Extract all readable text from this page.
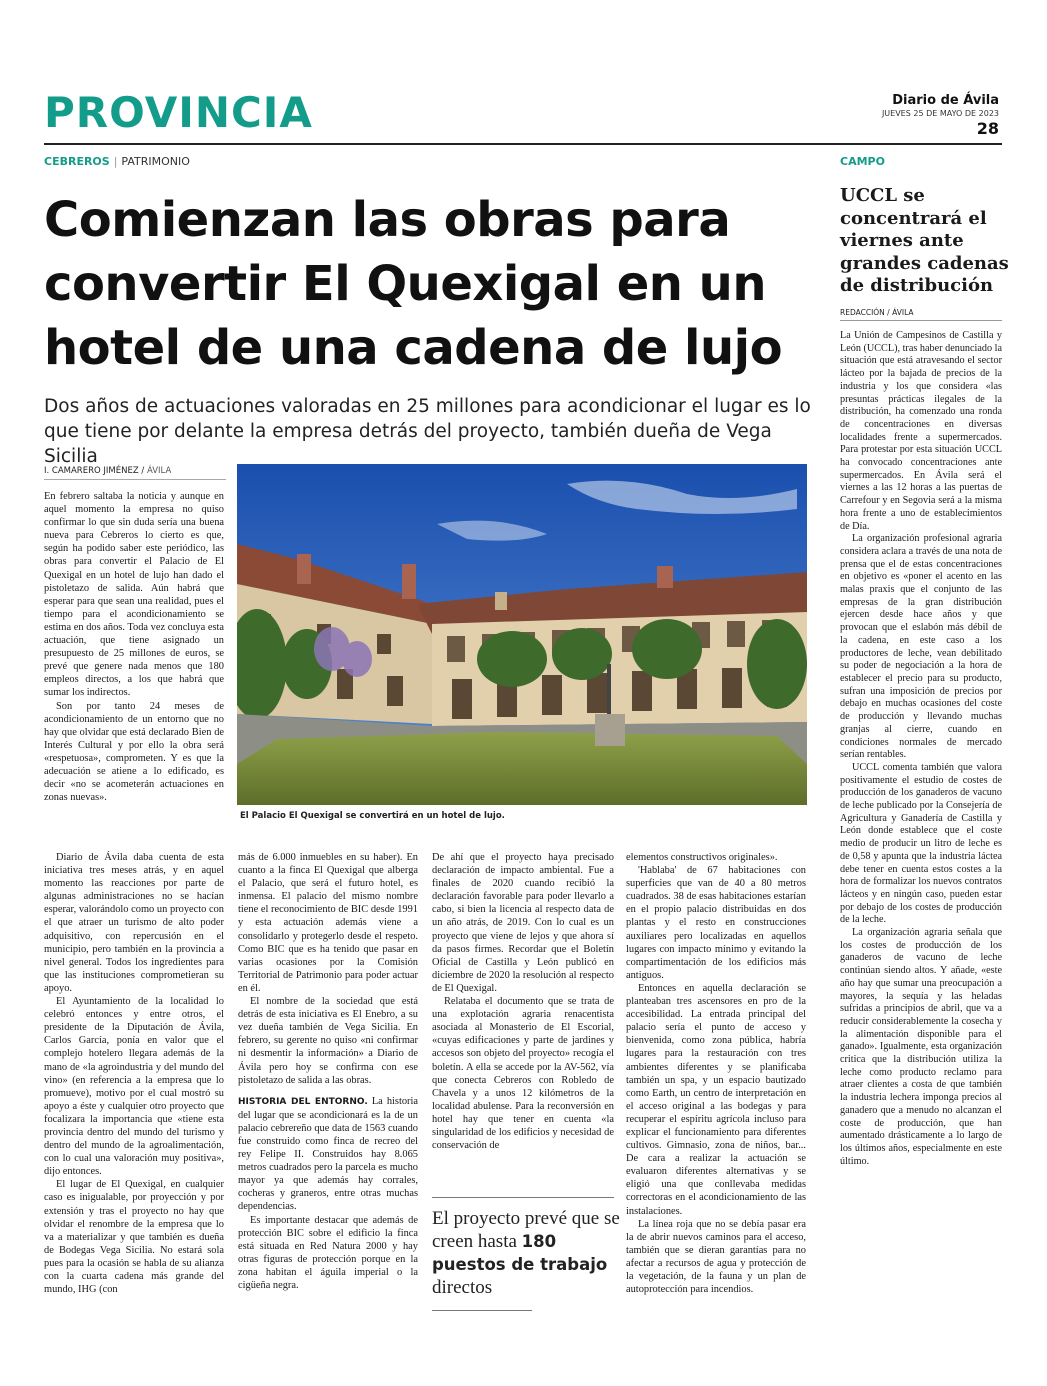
PROVINCIA	Diario de Ávila
JUEVES 25 DE MAYO DE 2023
28
CEBREROS | PATRIMONIO
Comienzan las obras para convertir El Quexigal en un hotel de una cadena de lujo
Dos años de actuaciones valoradas en 25 millones para acondicionar el lugar es lo que tiene por delante la empresa detrás del proyecto, también dueña de Vega Sicilia
I. CAMARERO JIMÉNEZ / ÁVILA

En febrero saltaba la noticia y aunque en aquel momento la empresa no quiso confirmar lo que sin duda sería una buena nueva para Cebreros lo cierto es que, según ha podido saber este periódico, las obras para convertir el Palacio de El Quexigal en un hotel de lujo han dado el pistoletazo de salida. Aún habrá que esperar para que sean una realidad, pues el tiempo para el acondicionamiento se estima en dos años. Toda vez concluya esta actuación, que tiene asignado un presupuesto de 25 millones de euros, se prevé que genere nada menos que 180 empleos directos, a los que habrá que sumar los indirectos.

Son por tanto 24 meses de acondicionamiento de un entorno que no hay que olvidar que está declarado Bien de Interés Cultural y por ello la obra será «respetuosa», comprometen. Y es que la adecuación se atiene a lo edificado, es decir «no se acometerán actuaciones en zonas nuevas».

El Palacio El Quexigal se convertirá en un hotel de lujo.

Diario de Ávila daba cuenta de esta iniciativa tres meses atrás, y en aquel momento las reacciones por parte de algunas administraciones no se hacían esperar, valorándolo como un proyecto con el que atraer un turismo de alto poder adquisitivo, con repercusión en el municipio, pero también en la provincia a nivel general. Todos los ingredientes para que las instituciones comprometieran su apoyo.

El Ayuntamiento de la localidad lo celebró entonces y entre otros, el presidente de la Diputación de Ávila, Carlos García, ponía en valor que el complejo hotelero llegara además de la mano de «la agroindustria y del mundo del vino» (en referencia a la empresa que lo promueve), motivo por el cual mostró su apoyo a éste y cualquier otro proyecto que focalizara la importancia que «tiene esta provincia dentro del mundo del turismo y dentro del mundo de la agroalimentación, con lo cual una valoración muy positiva», dijo entonces.

El lugar de El Quexigal, en cualquier caso es inigualable, por proyección y por extensión y tras el proyecto no hay que olvidar el renombre de la empresa que lo va a materializar y que también es dueña de Bodegas Vega Sicilia. No estará sola pues para la ocasión se habla de su alianza con la cuarta cadena más grande del mundo, IHG (con

más de 6.000 inmuebles en su haber). En cuanto a la finca El Quexigal que alberga el Palacio, que será el futuro hotel, es inmensa. El palacio del mismo nombre tiene el reconocimiento de BIC desde 1991 y esta actuación además viene a consolidarlo y protegerlo desde el respeto. Como BIC que es ha tenido que pasar en varias ocasiones por la Comisión Territorial de Patrimonio para poder actuar en él.

El nombre de la sociedad que está detrás de esta iniciativa es El Enebro, a su vez dueña también de Vega Sicilia. En febrero, su gerente no quiso «ni confirmar ni desmentir la información» a Diario de Ávila pero hoy se confirma con ese pistoletazo de salida a las obras.

HISTORIA DEL ENTORNO. La historia del lugar que se acondicionará es la de un palacio cebrereño que data de 1563 cuando fue construido como finca de recreo del rey Felipe II. Construidos hay 8.065 metros cuadrados pero la parcela es mucho mayor ya que además hay corrales, cocheras y graneros, entre otras muchas dependencias.

Es importante destacar que además de protección BIC sobre el edificio la finca está situada en Red Natura 2000 y hay otras figuras de protección porque en la zona habitan el águila imperial o la cigüeña negra.

De ahí que el proyecto haya precisado declaración de impacto ambiental. Fue a finales de 2020 cuando recibió la declaración favorable para poder llevarlo a cabo, si bien la licencia al respecto data de un año atrás, de 2019. Con lo cual es un proyecto que viene de lejos y que ahora sí da pasos firmes. Recordar que el Boletín Oficial de Castilla y León publicó en diciembre de 2020 la resolución al respecto de El Quexigal.

Relataba el documento que se trata de una explotación agraria renacentista asociada al Monasterio de El Escorial, «cuyas edificaciones y parte de jardines y accesos son objeto del proyecto» recogía el boletín. A ella se accede por la AV-562, vía que conecta Cebreros con Robledo de Chavela y a unos 12 kilómetros de la localidad abulense. Para la reconversión en hotel hay que tener en cuenta «la singularidad de los edificios y necesidad de conservación de

El proyecto prevé que se creen hasta 180 puestos de trabajo directos

elementos constructivos originales».

'Hablaba' de 67 habitaciones con superficies que van de 40 a 80 metros cuadrados. 38 de esas habitaciones estarían en el propio palacio distribuidas en dos plantas y el resto en construcciones auxiliares pero localizadas en aquellos lugares con impacto mínimo y evitando la compartimentación de los edificios más antiguos.

Entonces en aquella declaración se planteaban tres ascensores en pro de la accesibilidad. La entrada principal del palacio sería el punto de acceso y bienvenida, como zona pública, habría lugares para la restauración con tres ambientes diferentes y se planificaba también un spa, y un espacio bautizado como Earth, un centro de interpretación en el acceso original a las bodegas y para recuperar el espíritu agrícola incluso para explicar el funcionamiento para diferentes cultivos. Gimnasio, zona de niños, bar... De cara a realizar la actuación se evaluaron diferentes alternativas y se eligió una que conllevaba medidas correctoras en el acondicionamiento de las instalaciones.

La línea roja que no se debía pasar era la de abrir nuevos caminos para el acceso, también que se dieran garantías para no afectar a recursos de agua y protección de la vegetación, de la fauna y un plan de autoprotección para incendios.

CAMPO
UCCL se concentrará el viernes ante grandes cadenas de distribución
REDACCIÓN / ÁVILA

La Unión de Campesinos de Castilla y León (UCCL), tras haber denunciado la situación que está atravesando el sector lácteo por la bajada de precios de la industria y los que considera «las presuntas prácticas ilegales de la distribución, ha comenzado una ronda de concentraciones en diversas localidades frente a supermercados. Para protestar por esta situación UCCL ha convocado concentraciones ante supermercados. En Ávila será el viernes a las 12 horas a las puertas de Carrefour y en Segovia será a la misma hora frente a uno de establecimientos de Día.

La organización profesional agraria considera aclara a través de una nota de prensa que el de estas concentraciones en objetivo es «poner el acento en las malas praxis que el conjunto de las empresas de la gran distribución ejercen desde hace años y que provocan que el eslabón más débil de la cadena, en este caso a los productores de leche, vean debilitado su poder de negociación a la hora de establecer el precio para su producto, sufran una imposición de precios por debajo en muchas ocasiones del coste de producción y llevando muchas granjas al cierre, cuando en condiciones normales de mercado serían rentables.

UCCL comenta también que valora positivamente el estudio de costes de producción de los ganaderos de vacuno de leche publicado por la Consejería de Agricultura y Ganadería de Castilla y León donde establece que el coste medio de producir un litro de leche es de 0,58 y apunta que la industria láctea debe tener en cuenta estos costes a la hora de formalizar los nuevos contratos lácteos y en ningún caso, pueden estar por debajo de los costes de producción de la leche.

La organización agraria señala que los costes de producción de los ganaderos de vacuno de leche continúan siendo altos. Y añade, «este año hay que sumar una preocupación a mayores, la sequía y las heladas sufridas a principios de abril, que va a reducir considerablemente la cosecha y la alimentación disponible para el ganado». Igualmente, esta organización critica que la distribución utiliza la leche como producto reclamo para atraer clientes a costa de que también la industria lechera imponga precios al ganadero que a menudo no alcanzan el coste de producción, que han aumentado drásticamente a lo largo de los últimos años, especialmente en este último.
